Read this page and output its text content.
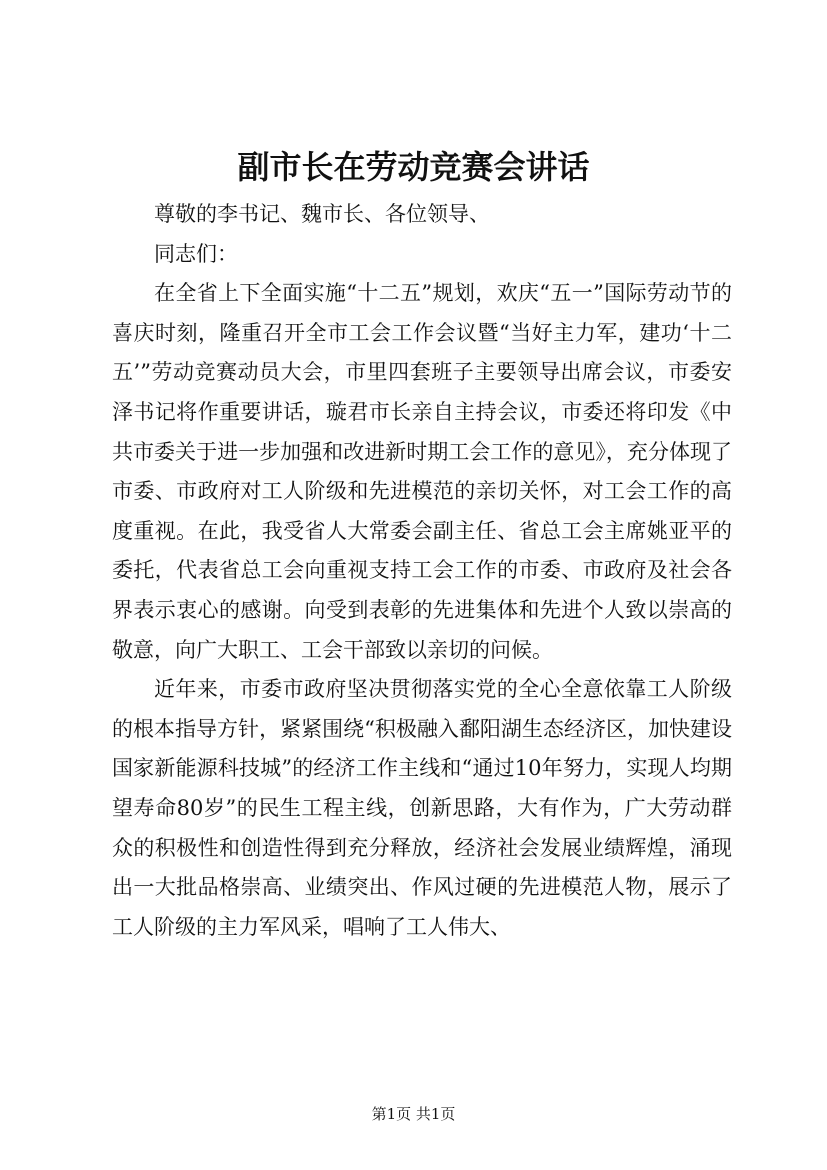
副市长在劳动竞赛会讲话

尊敬的李书记、魏市长、各位领导、

同志们：

在全省上下全面实施“十二五”规划，欢庆“五一”国际劳动节的喜庆时刻，隆重召开全市工会工作会议暨“当好主力军，建功‘十二五’”劳动竞赛动员大会，市里四套班子主要领导出席会议，市委安泽书记将作重要讲话，璇君市长亲自主持会议，市委还将印发《中共市委关于进一步加强和改进新时期工会工作的意见》，充分体现了市委、市政府对工人阶级和先进模范的亲切关怀，对工会工作的高度重视。在此，我受省人大常委会副主任、省总工会主席姚亚平的委托，代表省总工会向重视支持工会工作的市委、市政府及社会各界表示衷心的感谢。向受到表彰的先进集体和先进个人致以崇高的敬意，向广大职工、工会干部致以亲切的问候。

近年来，市委市政府坚决贯彻落实党的全心全意依靠工人阶级的根本指导方针，紧紧围绕“积极融入鄱阳湖生态经济区，加快建设国家新能源科技城”的经济工作主线和“通过10年努力，实现人均期望寿命80岁”的民生工程主线，创新思路，大有作为，广大劳动群众的积极性和创造性得到充分释放，经济社会发展业绩辉煌，涌现出一大批品格崇高、业绩突出、作风过硬的先进模范人物，展示了工人阶级的主力军风采，唱响了工人伟大、

第1页 共1页
